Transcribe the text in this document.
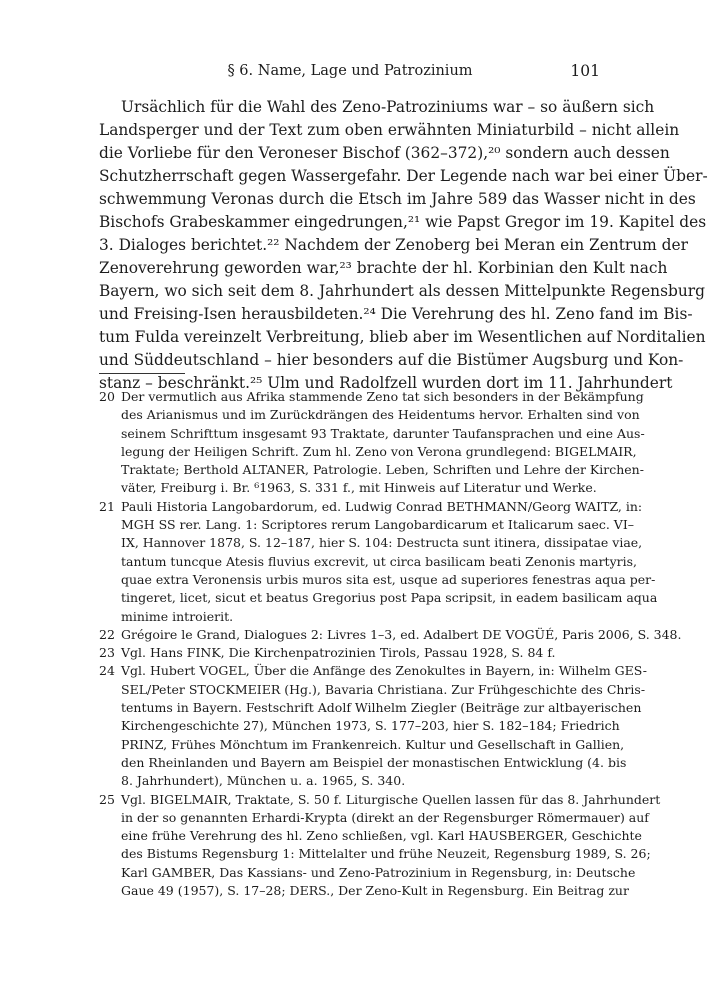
§ 6. Name, Lage und Patrozinium	101
Ursächlich für die Wahl des Zeno-Patroziniums war – so äußern sich
Landsperger und der Text zum oben erwähnten Miniaturbild – nicht allein
die Vorliebe für den Veroneser Bischof (362–372),²⁰ sondern auch dessen
Schutzherrschaft gegen Wassergefahr. Der Legende nach war bei einer Über-
schwemmung Veronas durch die Etsch im Jahre 589 das Wasser nicht in des
Bischofs Grabeskammer eingedrungen,²¹ wie Papst Gregor im 19. Kapitel des
3. Dialoges berichtet.²² Nachdem der Zenoberg bei Meran ein Zentrum der
Zenoverehrung geworden war,²³ brachte der hl. Korbinian den Kult nach
Bayern, wo sich seit dem 8. Jahrhundert als dessen Mittelpunkte Regensburg
und Freising-Isen herausbildeten.²⁴ Die Verehrung des hl. Zeno fand im Bis-
tum Fulda vereinzelt Verbreitung, blieb aber im Wesentlichen auf Norditalien
und Süddeutschland – hier besonders auf die Bistümer Augsburg und Kon-
stanz – beschränkt.²⁵ Ulm und Radolfzell wurden dort im 11. Jahrhundert
20 Der vermutlich aus Afrika stammende Zeno tat sich besonders in der Bekämpfung
des Arianismus und im Zurückdrängen des Heidentums hervor. Erhalten sind von
seinem Schrifttum insgesamt 93 Traktate, darunter Taufansprachen und eine Aus-
legung der Heiligen Schrift. Zum hl. Zeno von Verona grundlegend: BIGELMAIR,
Traktate; Berthold ALTANER, Patrologie. Leben, Schriften und Lehre der Kirchen-
väter, Freiburg i. Br. ⁶1963, S. 331 f., mit Hinweis auf Literatur und Werke.
21 Pauli Historia Langobardorum, ed. Ludwig Conrad BETHMANN/Georg WAITZ, in:
MGH SS rer. Lang. 1: Scriptores rerum Langobardicarum et Italicarum saec. VI–
IX, Hannover 1878, S. 12–187, hier S. 104: Destructa sunt itinera, dissipatae viae,
tantum tuncque Atesis fluvius excrevit, ut circa basilicam beati Zenonis martyris,
quae extra Veronensis urbis muros sita est, usque ad superiores fenestras aqua per-
tingeret, licet, sicut et beatus Gregorius post Papa scripsit, in eadem basilicam aqua
minime introierit.
22 Grégoire le Grand, Dialogues 2: Livres 1–3, ed. Adalbert DE VOGÜÉ, Paris 2006, S. 348.
23 Vgl. Hans FINK, Die Kirchenpatrozinien Tirols, Passau 1928, S. 84 f.
24 Vgl. Hubert VOGEL, Über die Anfänge des Zenokultes in Bayern, in: Wilhelm GES-
SEL/Peter STOCKMEIER (Hg.), Bavaria Christiana. Zur Frühgeschichte des Chris-
tentums in Bayern. Festschrift Adolf Wilhelm Ziegler (Beiträge zur altbayerischen
Kirchengeschichte 27), München 1973, S. 177–203, hier S. 182–184; Friedrich
PRINZ, Frühes Mönchtum im Frankenreich. Kultur und Gesellschaft in Gallien,
den Rheinlanden und Bayern am Beispiel der monastischen Entwicklung (4. bis
8. Jahrhundert), München u. a. 1965, S. 340.
25 Vgl. BIGELMAIR, Traktate, S. 50 f. Liturgische Quellen lassen für das 8. Jahrhundert
in der so genannten Erhardi-Krypta (direkt an der Regensburger Römermauer) auf
eine frühe Verehrung des hl. Zeno schließen, vgl. Karl HAUSBERGER, Geschichte
des Bistums Regensburg 1: Mittelalter und frühe Neuzeit, Regensburg 1989, S. 26;
Karl GAMBER, Das Kassians- und Zeno-Patrozinium in Regensburg, in: Deutsche
Gaue 49 (1957), S. 17–28; DERS., Der Zeno-Kult in Regensburg. Ein Beitrag zur
